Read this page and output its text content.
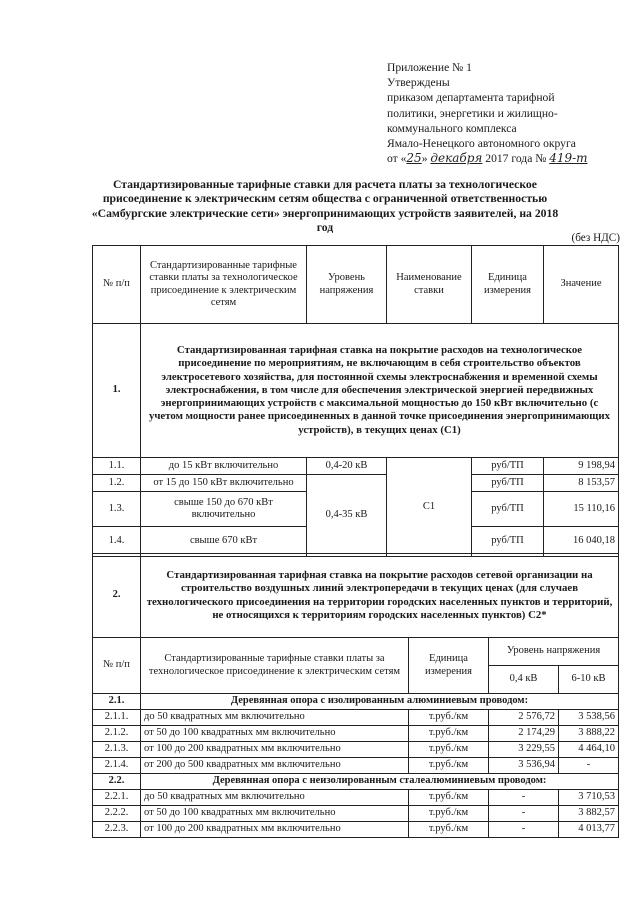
Приложение № 1
Утверждены
приказом департамента тарифной
политики, энергетики и жилищно-
коммунального комплекса
Ямало-Ненецкого автономного округа
от «25» декабря 2017 года № 419-т
Стандартизированные тарифные ставки для расчета платы за технологическое присоединение к электрическим сетям общества с ограниченной ответственностью «Самбургские электрические сети» энергопринимающих устройств заявителей, на 2018 год
(без НДС)
№ п/п	Стандартизированные тарифные ставки платы за технологическое присоединение к электрическим сетям	Уровень напряжения	Наименование ставки	Единица измерения	Значение
1.	Стандартизированная тарифная ставка на покрытие расходов на технологическое присоединение по мероприятиям, не включающим в себя строительство объектов электросетевого хозяйства, для постоянной схемы электроснабжения и временной схемы электроснабжения, в том числе для обеспечения электрической энергией передвижных энергопринимающих устройств с максимальной мощностью до 150 кВт включительно (с учетом мощности ранее присоединенных в данной точке присоединения энергопринимающих устройств), в текущих ценах (С1)				
1.1.	до 15 кВт включительно	0,4-20 кВ	С1	руб/ТП	9 198,94
1.2.	от 15 до 150 кВт включительно	0,4-35 кВ		руб/ТП	8 153,57
1.3.	свыше 150 до 670 кВт включительно			руб/ТП	15 110,16
1.4.	свыше 670 кВт			руб/ТП	16 040,18
2.	Стандартизированная тарифная ставка на покрытие расходов сетевой организации на строительство воздушных линий электропередачи в текущих ценах (для случаев технологического присоединения на территории городских населенных пунктов и территорий, не относящихся к территориям городских населенных пунктов) С2*			
№ п/п	Стандартизированные тарифные ставки платы за технологическое присоединение к электрическим сетям	Единица измерения	Уровень напряжения	
			0,4 кВ	6-10 кВ
2.1.	Деревянная опора с изолированным алюминиевым проводом:			
2.1.1.	до 50 квадратных мм включительно	т.руб./км	2 576,72	3 538,56
2.1.2.	от 50 до 100 квадратных мм включительно	т.руб./км	2 174,29	3 888,22
2.1.3.	от 100 до 200 квадратных мм включительно	т.руб./км	3 229,55	4 464,10
2.1.4.	от 200 до 500 квадратных мм включительно	т.руб./км	3 536,94	-
2.2.	Деревянная опора с неизолированным сталеалюминиевым проводом:			
2.2.1.	до 50 квадратных мм включительно	т.руб./км	-	3 710,53
2.2.2.	от 50 до 100 квадратных мм включительно	т.руб./км	-	3 882,57
2.2.3.	от 100 до 200 квадратных мм включительно	т.руб./км	-	4 013,77
